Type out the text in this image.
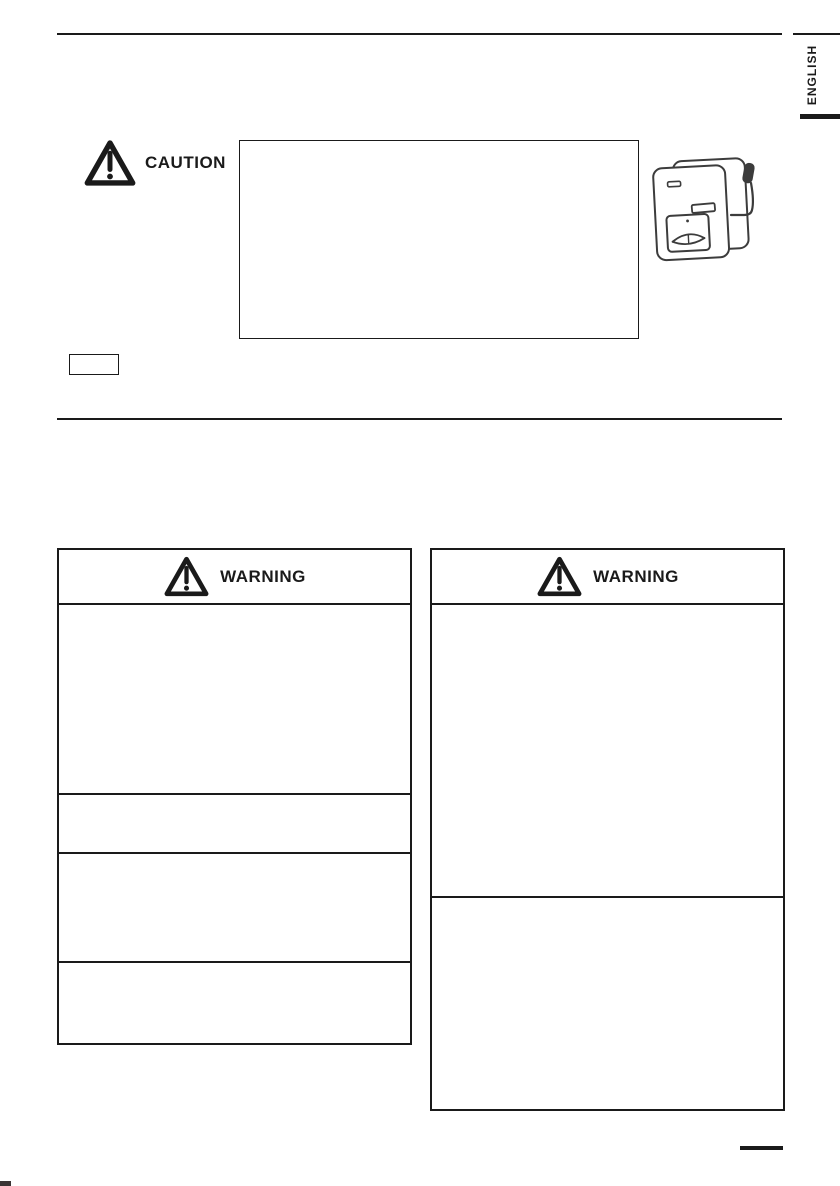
ENGLISH
CAUTION
WARNING	WARNING
